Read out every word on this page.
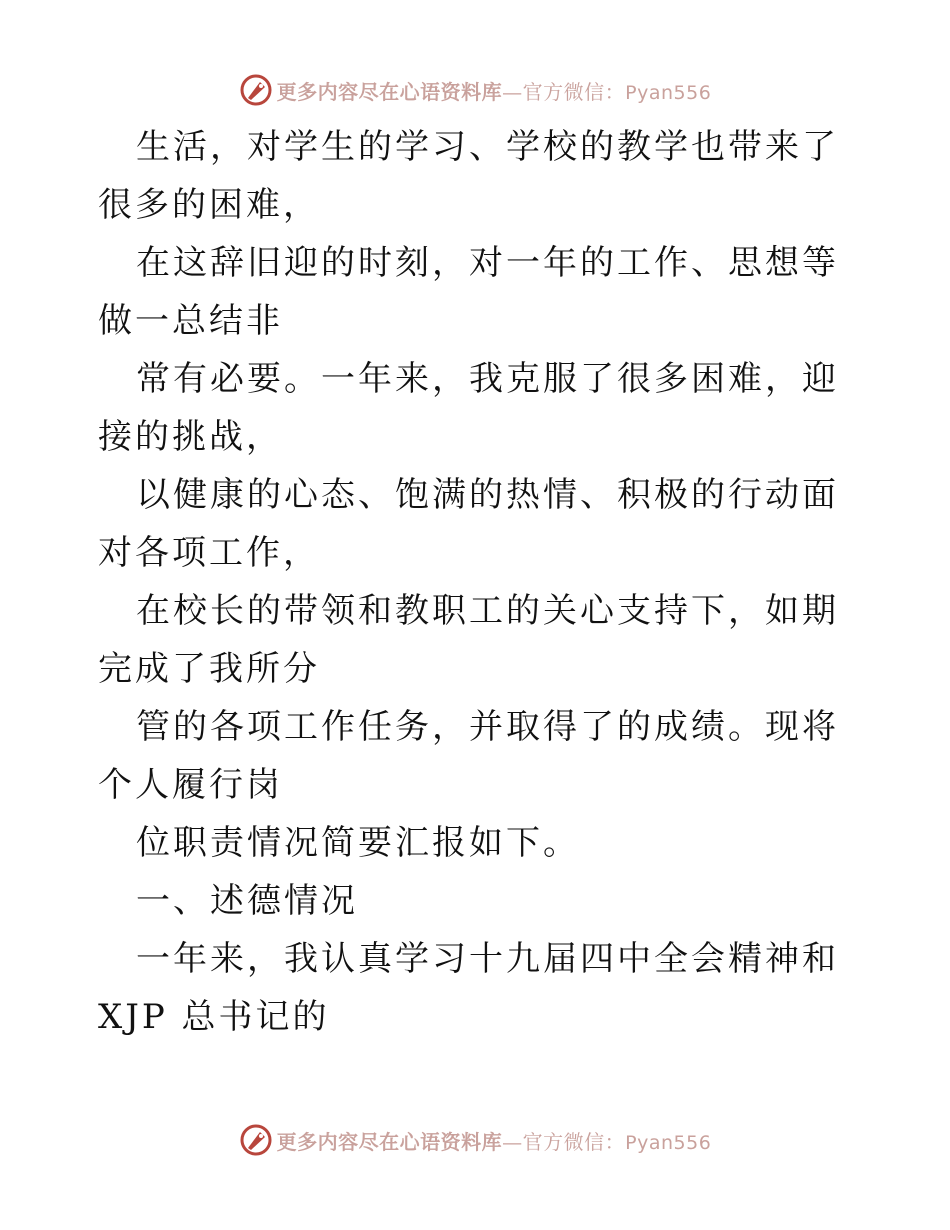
更多内容尽在心语资料库—官方微信：Pyan556

生活，对学生的学习、学校的教学也带来了很多的困难，

在这辞旧迎的时刻，对一年的工作、思想等做一总结非

常有必要。一年来，我克服了很多困难，迎接的挑战，

以健康的心态、饱满的热情、积极的行动面对各项工作，

在校长的带领和教职工的关心支持下，如期完成了我所分

管的各项工作任务，并取得了的成绩。现将个人履行岗

位职责情况简要汇报如下。

一、述德情况

一年来，我认真学习十九届四中全会精神和 XJP 总书记的

更多内容尽在心语资料库—官方微信：Pyan556
